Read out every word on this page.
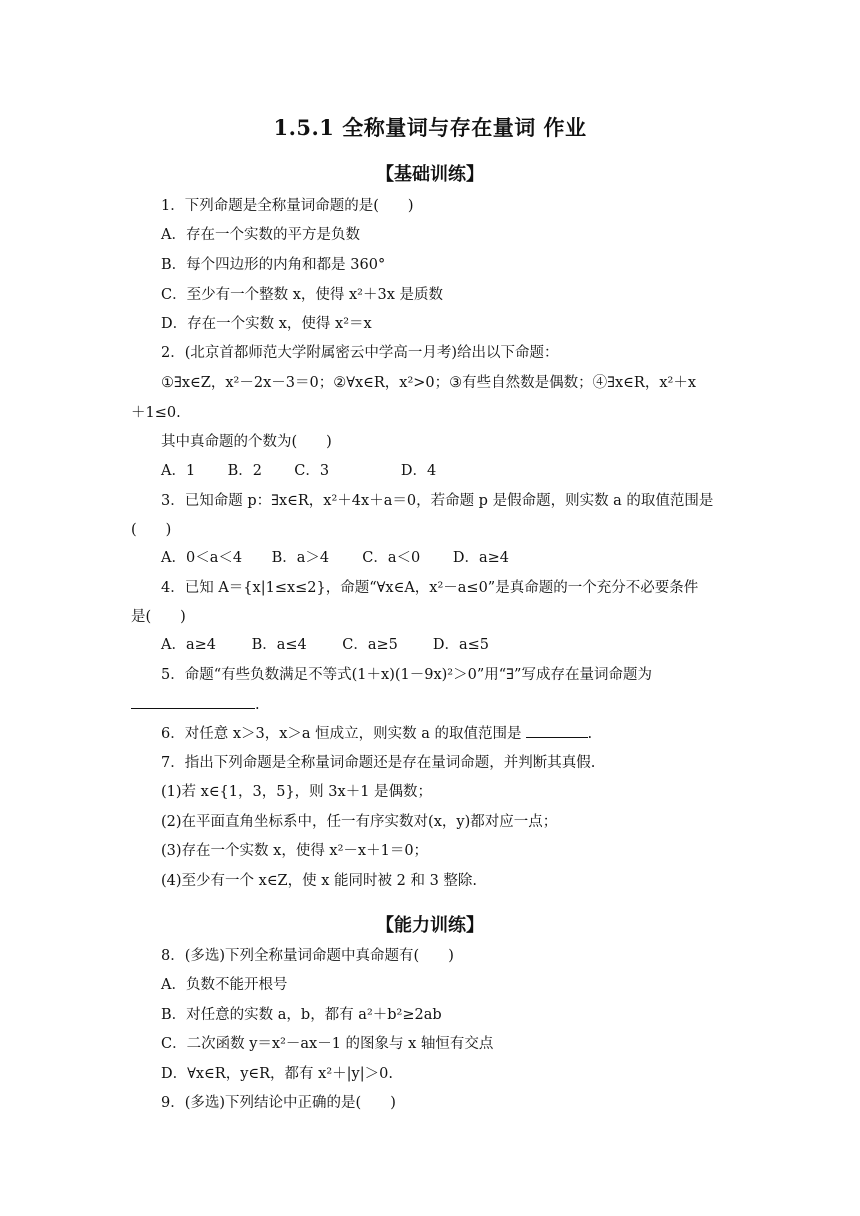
1.5.1 全称量词与存在量词 作业
【基础训练】
1．下列命题是全称量词命题的是(　　)
A．存在一个实数的平方是负数
B．每个四边形的内角和都是 360°
C．至少有一个整数 x，使得 x²＋3x 是质数
D．存在一个实数 x，使得 x²＝x
2．(北京首都师范大学附属密云中学高一月考)给出以下命题：
①∃x∈Z，x²－2x－3＝0；②∀x∈R，x²>0；③有些自然数是偶数；④∃x∈R，x²＋x
＋1≤0.
其中真命题的个数为(　　)
A．1 B．2 C．3	D．4
3．已知命题 p：∃x∈R，x²＋4x＋a＝0，若命题 p 是假命题，则实数 a 的取值范围是
(　　)
A．0＜a＜4 B．a＞4 C．a＜0 D．a≥4
4．已知 A＝{x|1≤x≤2}，命题“∀x∈A，x²－a≤0”是真命题的一个充分不必要条件
是(　　)
A．a≥4 B．a≤4 C．a≥5 D．a≤5
5．命题“有些负数满足不等式(1＋x)(1－9x)²＞0”用“∃”写成存在量词命题为
.
6．对任意 x＞3，x＞a 恒成立，则实数 a 的取值范围是	.
7．指出下列命题是全称量词命题还是存在量词命题，并判断其真假.
(1)若 x∈{1，3，5}，则 3x＋1 是偶数；
(2)在平面直角坐标系中，任一有序实数对(x，y)都对应一点；
(3)存在一个实数 x，使得 x²－x＋1＝0；
(4)至少有一个 x∈Z，使 x 能同时被 2 和 3 整除.
【能力训练】
8．(多选)下列全称量词命题中真命题有(　　)
A．负数不能开根号
B．对任意的实数 a，b，都有 a²＋b²≥2ab
C．二次函数 y＝x²－ax－1 的图象与 x 轴恒有交点
D．∀x∈R，y∈R，都有 x²＋|y|＞0.
9．(多选)下列结论中正确的是(　　)
